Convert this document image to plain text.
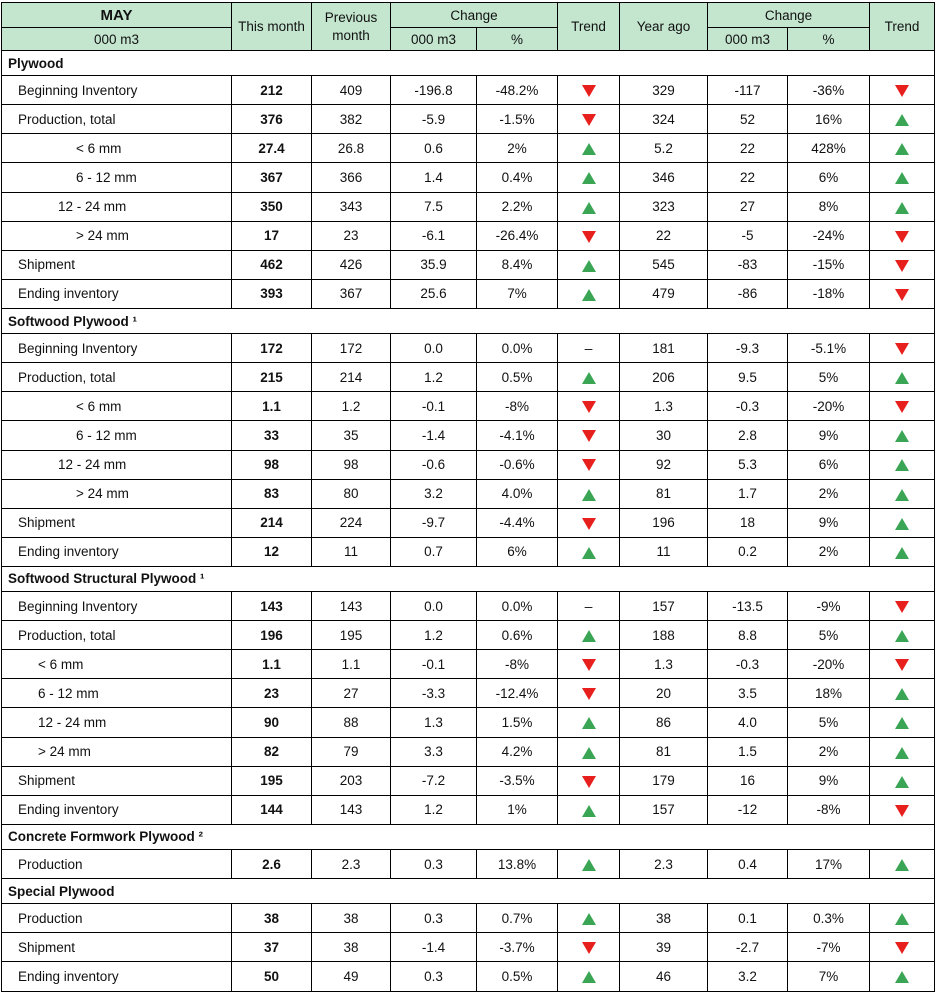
MAY	This month	Previous month	Change		Trend	Year ago	Change		Trend
000 m3			000 m3	%			000 m3	%	
Plywood									
Beginning Inventory	212	409	-196.8	-48.2%		329	-117	-36%	
Production, total	376	382	-5.9	-1.5%		324	52	16%	
< 6 mm	27.4	26.8	0.6	2%		5.2	22	428%	
6 - 12 mm	367	366	1.4	0.4%		346	22	6%	
12 - 24 mm	350	343	7.5	2.2%		323	27	8%	
> 24 mm	17	23	-6.1	-26.4%		22	-5	-24%	
Shipment	462	426	35.9	8.4%		545	-83	-15%	
Ending inventory	393	367	25.6	7%		479	-86	-18%	
Softwood Plywood ¹									
Beginning Inventory	172	172	0.0	0.0%	–	181	-9.3	-5.1%	
Production, total	215	214	1.2	0.5%		206	9.5	5%	
< 6 mm	1.1	1.2	-0.1	-8%		1.3	-0.3	-20%	
6 - 12 mm	33	35	-1.4	-4.1%		30	2.8	9%	
12 - 24 mm	98	98	-0.6	-0.6%		92	5.3	6%	
> 24 mm	83	80	3.2	4.0%		81	1.7	2%	
Shipment	214	224	-9.7	-4.4%		196	18	9%	
Ending inventory	12	11	0.7	6%		11	0.2	2%	
Softwood Structural Plywood ¹									
Beginning Inventory	143	143	0.0	0.0%	–	157	-13.5	-9%	
Production, total	196	195	1.2	0.6%		188	8.8	5%	
< 6 mm	1.1	1.1	-0.1	-8%		1.3	-0.3	-20%	
6 - 12 mm	23	27	-3.3	-12.4%		20	3.5	18%	
12 - 24 mm	90	88	1.3	1.5%		86	4.0	5%	
> 24 mm	82	79	3.3	4.2%		81	1.5	2%	
Shipment	195	203	-7.2	-3.5%		179	16	9%	
Ending inventory	144	143	1.2	1%		157	-12	-8%	
Concrete Formwork Plywood ²									
Production	2.6	2.3	0.3	13.8%		2.3	0.4	17%	
Special Plywood									
Production	38	38	0.3	0.7%		38	0.1	0.3%	
Shipment	37	38	-1.4	-3.7%		39	-2.7	-7%	
Ending inventory	50	49	0.3	0.5%		46	3.2	7%	
